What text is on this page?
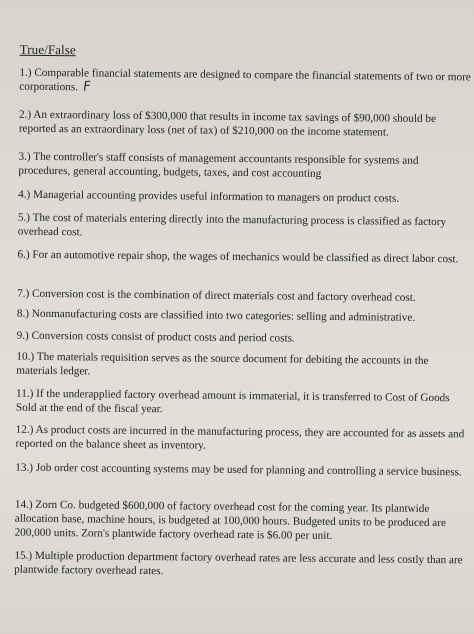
True/False
1.) Comparable financial statements are designed to compare the financial statements of two or more corporations. F
2.) An extraordinary loss of $300,000 that results in income tax savings of $90,000 should be reported as an extraordinary loss (net of tax) of $210,000 on the income statement.
3.) The controller's staff consists of management accountants responsible for systems and procedures, general accounting, budgets, taxes, and cost accounting
4.) Managerial accounting provides useful information to managers on product costs.
5.) The cost of materials entering directly into the manufacturing process is classified as factory overhead cost.
6.) For an automotive repair shop, the wages of mechanics would be classified as direct labor cost.
7.) Conversion cost is the combination of direct materials cost and factory overhead cost.
8.) Nonmanufacturing costs are classified into two categories: selling and administrative.
9.) Conversion costs consist of product costs and period costs.
10.) The materials requisition serves as the source document for debiting the accounts in the materials ledger.
11.) If the underapplied factory overhead amount is immaterial, it is transferred to Cost of Goods Sold at the end of the fiscal year.
12.) As product costs are incurred in the manufacturing process, they are accounted for as assets and reported on the balance sheet as inventory.
13.) Job order cost accounting systems may be used for planning and controlling a service business.
14.) Zorn Co. budgeted $600,000 of factory overhead cost for the coming year. Its plantwide allocation base, machine hours, is budgeted at 100,000 hours. Budgeted units to be produced are 200,000 units. Zorn's plantwide factory overhead rate is $6.00 per unit.
15.) Multiple production department factory overhead rates are less accurate and less costly than are plantwide factory overhead rates.
